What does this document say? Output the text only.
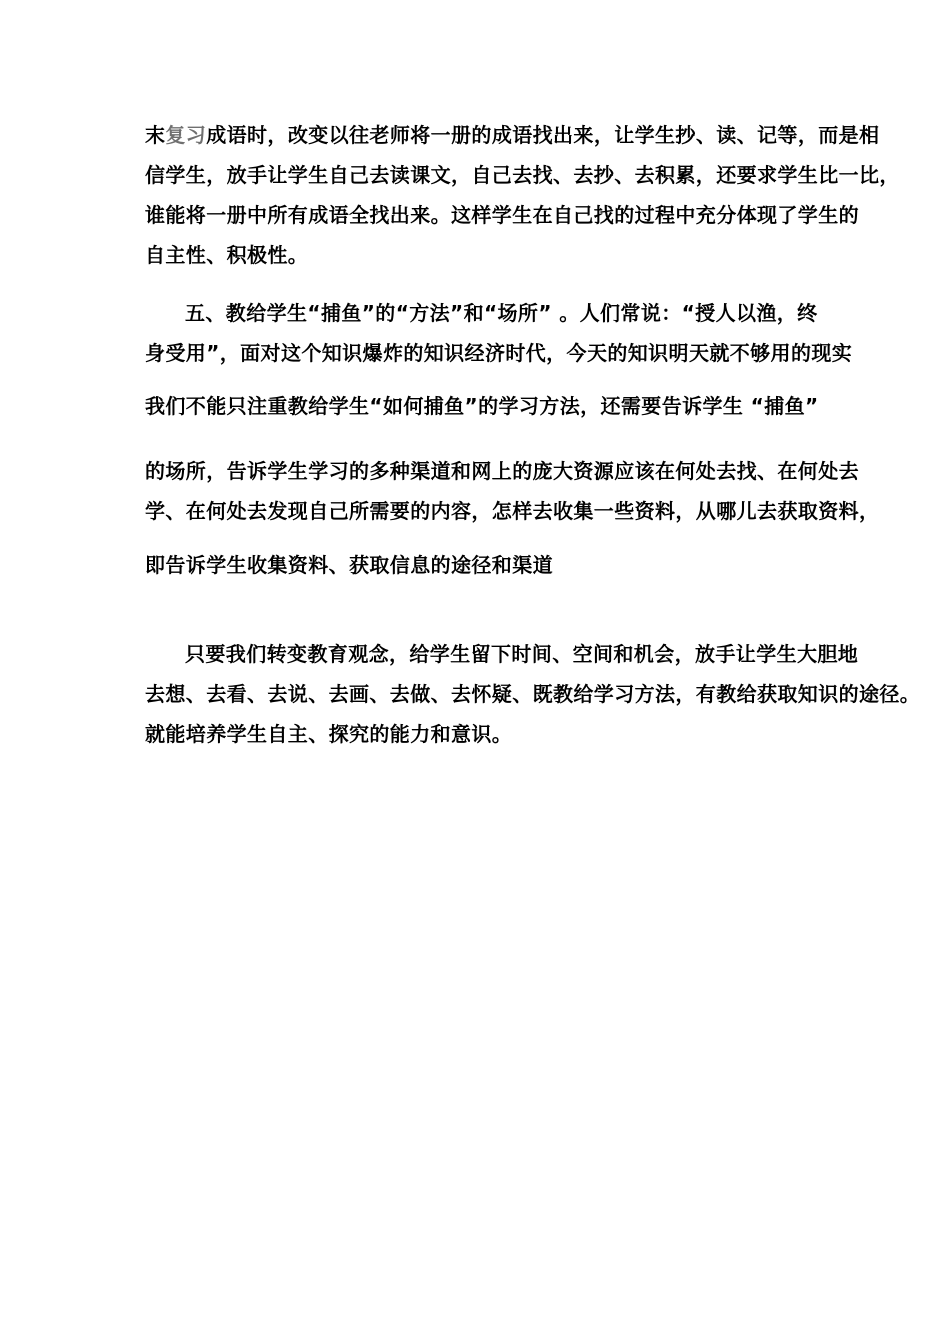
末复习成语时，改变以往老师将一册的成语找出来，让学生抄、读、记等，而是相
信学生，放手让学生自己去读课文，自己去找、去抄、去积累，还要求学生比一比，
谁能将一册中所有成语全找出来。这样学生在自己找的过程中充分体现了学生的
自主性、积极性。
五、教给学生“捕鱼”的“方法”和“场所” 。人们常说：“授人以渔，终
身受用”，面对这个知识爆炸的知识经济时代，今天的知识明天就不够用的现实
我们不能只注重教给学生“如何捕鱼”的学习方法，还需要告诉学生 “捕鱼”
的场所，告诉学生学习的多种渠道和网上的庞大资源应该在何处去找、在何处去
学、在何处去发现自己所需要的内容，怎样去收集一些资料，从哪儿去获取资料，
即告诉学生收集资料、获取信息的途径和渠道
只要我们转变教育观念，给学生留下时间、空间和机会，放手让学生大胆地
去想、去看、去说、去画、去做、去怀疑、既教给学习方法，有教给获取知识的途径。
就能培养学生自主、探究的能力和意识。
